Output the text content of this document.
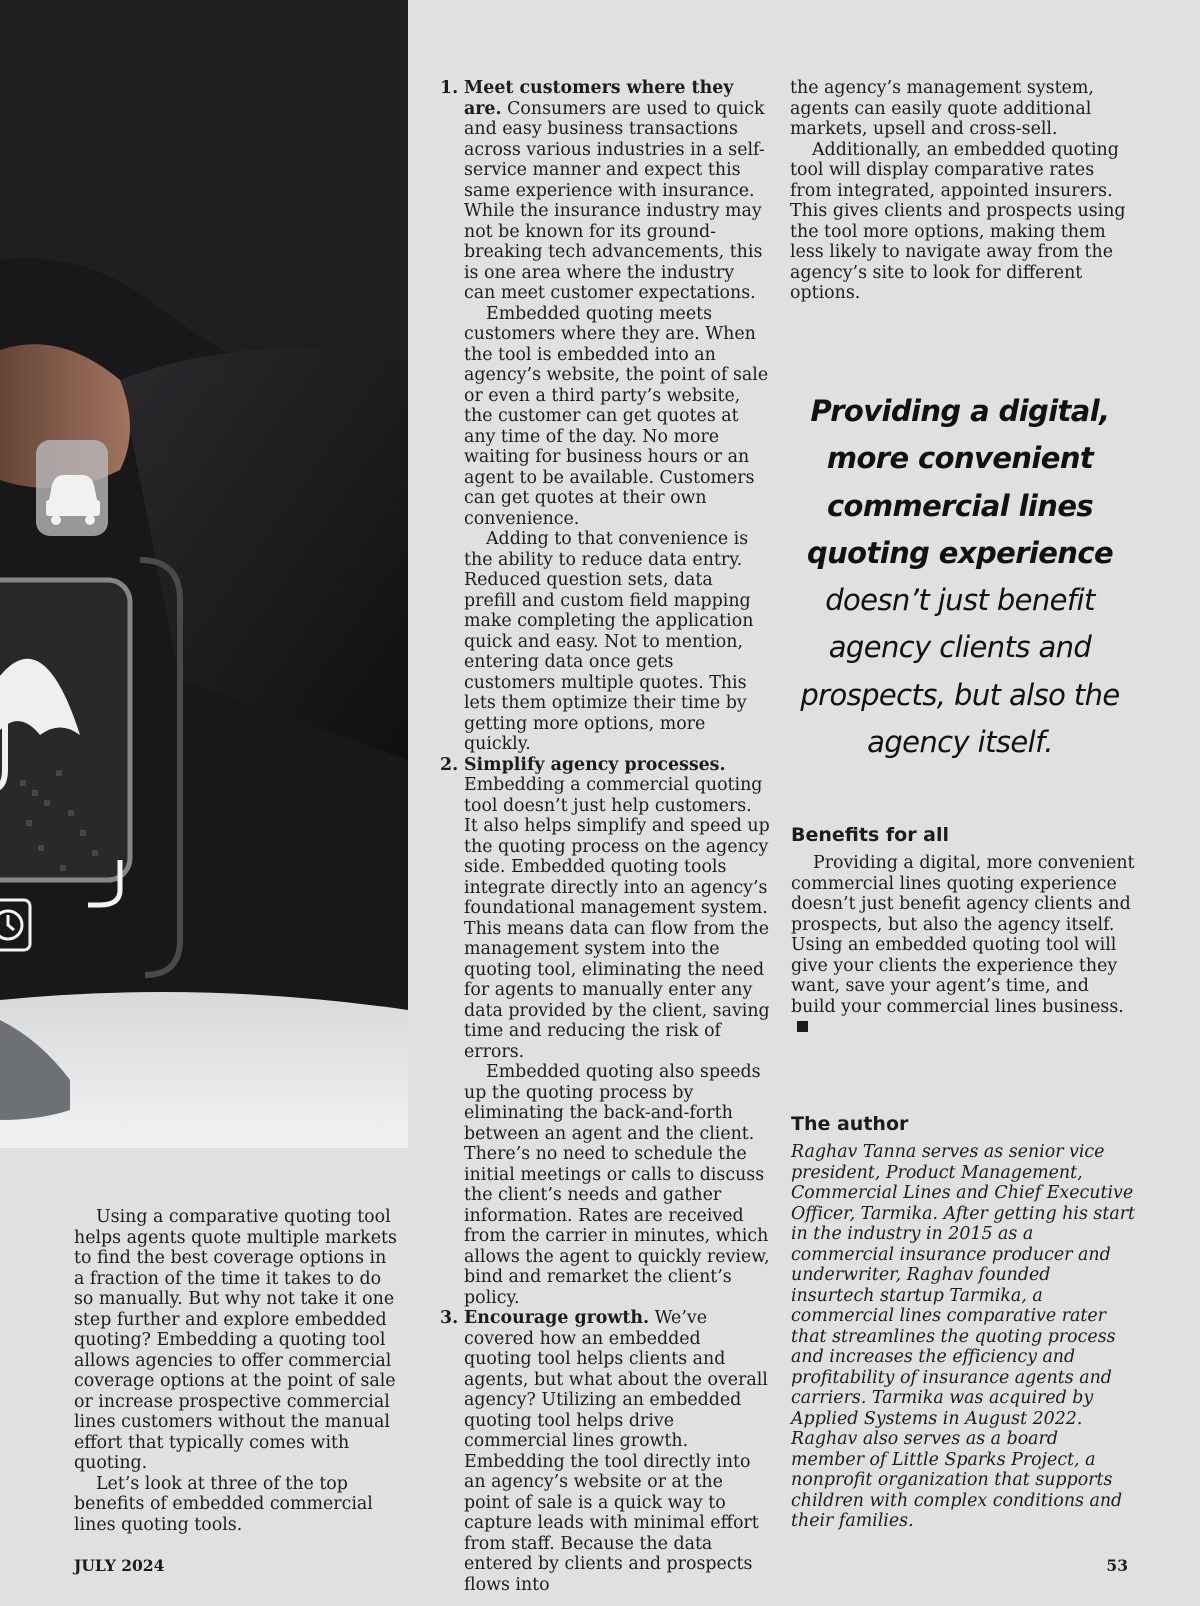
Using a comparative quoting tool helps agents quote multiple markets to find the best coverage options in a fraction of the time it takes to do so manually. But why not take it one step further and explore embedded quoting? Embedding a quoting tool allows agencies to offer commercial coverage options at the point of sale or increase prospective commercial lines customers without the manual effort that typically comes with quoting.

Let’s look at three of the top benefits of embedded commercial lines quoting tools.

1. Meet customers where they are. Consumers are used to quick and easy business transactions across various industries in a self-service manner and expect this same experience with insurance. While the insurance industry may not be known for its ground-breaking tech advancements, this is one area where the industry can meet customer expectations.

Embedded quoting meets customers where they are. When the tool is embedded into an agency’s website, the point of sale or even a third party’s website, the customer can get quotes at any time of the day. No more waiting for business hours or an agent to be available. Customers can get quotes at their own convenience.

Adding to that convenience is the ability to reduce data entry. Reduced question sets, data prefill and custom field mapping make completing the application quick and easy. Not to mention, entering data once gets customers multiple quotes. This lets them optimize their time by getting more options, more quickly.

2. Simplify agency processes. Embedding a commercial quoting tool doesn’t just help customers. It also helps simplify and speed up the quoting process on the agency side. Embedded quoting tools integrate directly into an agency’s foundational management system. This means data can flow from the management system into the quoting tool, eliminating the need for agents to manually enter any data provided by the client, saving time and reducing the risk of errors.

Embedded quoting also speeds up the quoting process by eliminating the back-and-forth between an agent and the client. There’s no need to schedule the initial meetings or calls to discuss the client’s needs and gather information. Rates are received from the carrier in minutes, which allows the agent to quickly review, bind and remarket the client’s policy.

3. Encourage growth. We’ve covered how an embedded quoting tool helps clients and agents, but what about the overall agency? Utilizing an embedded quoting tool helps drive commercial lines growth. Embedding the tool directly into an agency’s website or at the point of sale is a quick way to capture leads with minimal effort from staff. Because the data entered by clients and prospects flows into

the agency’s management system, agents can easily quote additional markets, upsell and cross-sell.

Additionally, an embedded quoting tool will display comparative rates from integrated, appointed insurers. This gives clients and prospects using the tool more options, making them less likely to navigate away from the agency’s site to look for different options.

Providing a digital, more convenient commercial lines quoting experience doesn’t just benefit agency clients and prospects, but also the agency itself.
Benefits for all

Providing a digital, more convenient commercial lines quoting experience doesn’t just benefit agency clients and prospects, but also the agency itself. Using an embedded quoting tool will give your clients the experience they want, save your agent’s time, and build your commercial lines business.

The author

Raghav Tanna serves as senior vice president, Product Management, Commercial Lines and Chief Executive Officer, Tarmika. After getting his start in the industry in 2015 as a commercial insurance producer and underwriter, Raghav founded insurtech startup Tarmika, a commercial lines comparative rater that streamlines the quoting process and increases the efficiency and profitability of insurance agents and carriers. Tarmika was acquired by Applied Systems in August 2022. Raghav also serves as a board member of Little Sparks Project, a nonprofit organization that supports children with complex conditions and their families.

JULY 2024	53
